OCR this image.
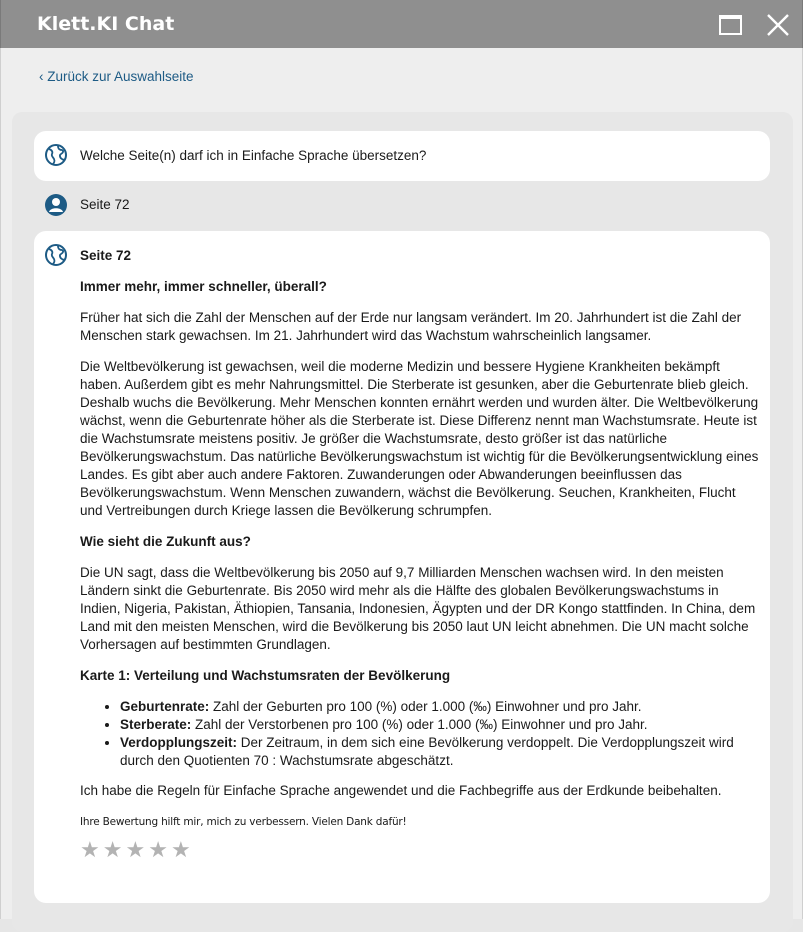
Klett.KI Chat
‹ Zurück zur Auswahlseite
Welche Seite(n) darf ich in Einfache Sprache übersetzen?
Seite 72
Seite 72
Immer mehr, immer schneller, überall?

Früher hat sich die Zahl der Menschen auf der Erde nur langsam verändert. Im 20. Jahrhundert ist die Zahl der Menschen stark gewachsen. Im 21. Jahrhundert wird das Wachstum wahrscheinlich langsamer.

Die Weltbevölkerung ist gewachsen, weil die moderne Medizin und bessere Hygiene Krankheiten bekämpft haben. Außerdem gibt es mehr Nahrungsmittel. Die Sterberate ist gesunken, aber die Geburtenrate blieb gleich. Deshalb wuchs die Bevölkerung. Mehr Menschen konnten ernährt werden und wurden älter. Die Weltbevölkerung wächst, wenn die Geburtenrate höher als die Sterberate ist. Diese Differenz nennt man Wachstumsrate. Heute ist die Wachstumsrate meistens positiv. Je größer die Wachstumsrate, desto größer ist das natürliche Bevölkerungswachstum. Das natürliche Bevölkerungswachstum ist wichtig für die Bevölkerungsentwicklung eines Landes. Es gibt aber auch andere Faktoren. Zuwanderungen oder Abwanderungen beeinflussen das Bevölkerungswachstum. Wenn Menschen zuwandern, wächst die Bevölkerung. Seuchen, Krankheiten, Flucht und Vertreibungen durch Kriege lassen die Bevölkerung schrumpfen.

Wie sieht die Zukunft aus?

Die UN sagt, dass die Weltbevölkerung bis 2050 auf 9,7 Milliarden Menschen wachsen wird. In den meisten Ländern sinkt die Geburtenrate. Bis 2050 wird mehr als die Hälfte des globalen Bevölkerungswachstums in Indien, Nigeria, Pakistan, Äthiopien, Tansania, Indonesien, Ägypten und der DR Kongo stattfinden. In China, dem Land mit den meisten Menschen, wird die Bevölkerung bis 2050 laut UN leicht abnehmen. Die UN macht solche Vorhersagen auf bestimmten Grundlagen.

Karte 1: Verteilung und Wachstumsraten der Bevölkerung
• Geburtenrate: Zahl der Geburten pro 100 (%) oder 1.000 (‰) Einwohner und pro Jahr.
• Sterberate: Zahl der Verstorbenen pro 100 (%) oder 1.000 (‰) Einwohner und pro Jahr.
• Verdopplungszeit: Der Zeitraum, in dem sich eine Bevölkerung verdoppelt. Die Verdopplungszeit wird durch den Quotienten 70 : Wachstumsrate abgeschätzt.

Ich habe die Regeln für Einfache Sprache angewendet und die Fachbegriffe aus der Erdkunde beibehalten.

Ihre Bewertung hilft mir, mich zu verbessern. Vielen Dank dafür!
★ ★ ★ ★ ★
